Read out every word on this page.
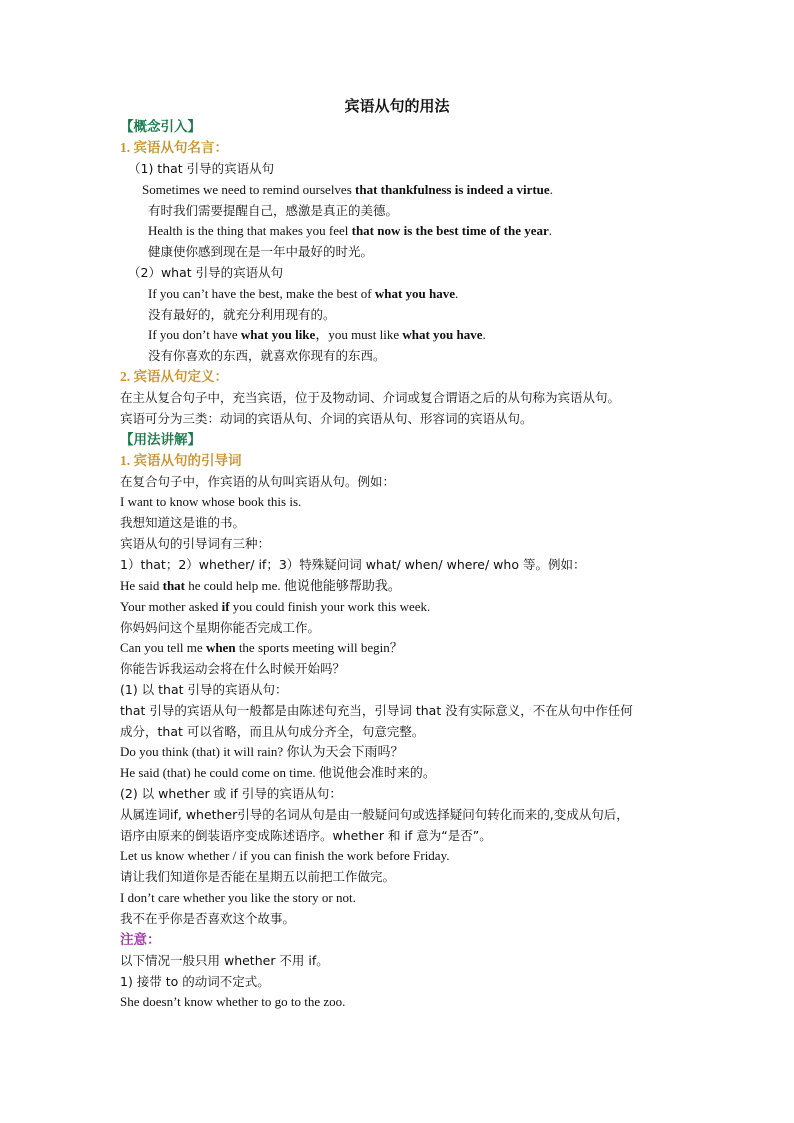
宾语从句的用法
【概念引入】
1. 宾语从句名言：
（1) that 引导的宾语从句
Sometimes we need to remind ourselves that thankfulness is indeed a virtue.
有时我们需要提醒自己，感激是真正的美德。
Health is the thing that makes you feel that now is the best time of the year.
健康使你感到现在是一年中最好的时光。
（2）what 引导的宾语从句
If you can’t have the best, make the best of what you have.
没有最好的，就充分利用现有的。
If you don’t have what you like，you must like what you have.
没有你喜欢的东西，就喜欢你现有的东西。
2. 宾语从句定义：
在主从复合句子中，充当宾语，位于及物动词、介词或复合谓语之后的从句称为宾语从句。
宾语可分为三类：动词的宾语从句、介词的宾语从句、形容词的宾语从句。
【用法讲解】
1. 宾语从句的引导词
在复合句子中，作宾语的从句叫宾语从句。例如：
I want to know whose book this is.
我想知道这是谁的书。
宾语从句的引导词有三种：
1）that；2）whether/ if；3）特殊疑问词 what/ when/ where/ who 等。例如：
He said that he could help me. 他说他能够帮助我。
Your mother asked if you could finish your work this week.
你妈妈问这个星期你能否完成工作。
Can you tell me when the sports meeting will begin？
你能告诉我运动会将在什么时候开始吗？
(1) 以 that 引导的宾语从句：
that 引导的宾语从句一般都是由陈述句充当，引导词 that 没有实际意义，不在从句中作任何
成分，that 可以省略，而且从句成分齐全，句意完整。
Do you think (that) it will rain? 你认为天会下雨吗？
He said (that) he could come on time. 他说他会准时来的。
(2) 以 whether 或 if 引导的宾语从句：
从属连词if, whether引导的名词从句是由一般疑问句或选择疑问句转化而来的,变成从句后，
语序由原来的倒装语序变成陈述语序。whether 和 if 意为“是否”。
Let us know whether / if you can finish the work before Friday.
请让我们知道你是否能在星期五以前把工作做完。
I don’t care whether you like the story or not.
我不在乎你是否喜欢这个故事。
注意：
以下情况一般只用 whether 不用 if。
1) 接带 to 的动词不定式。
She doesn’t know whether to go to the zoo.
